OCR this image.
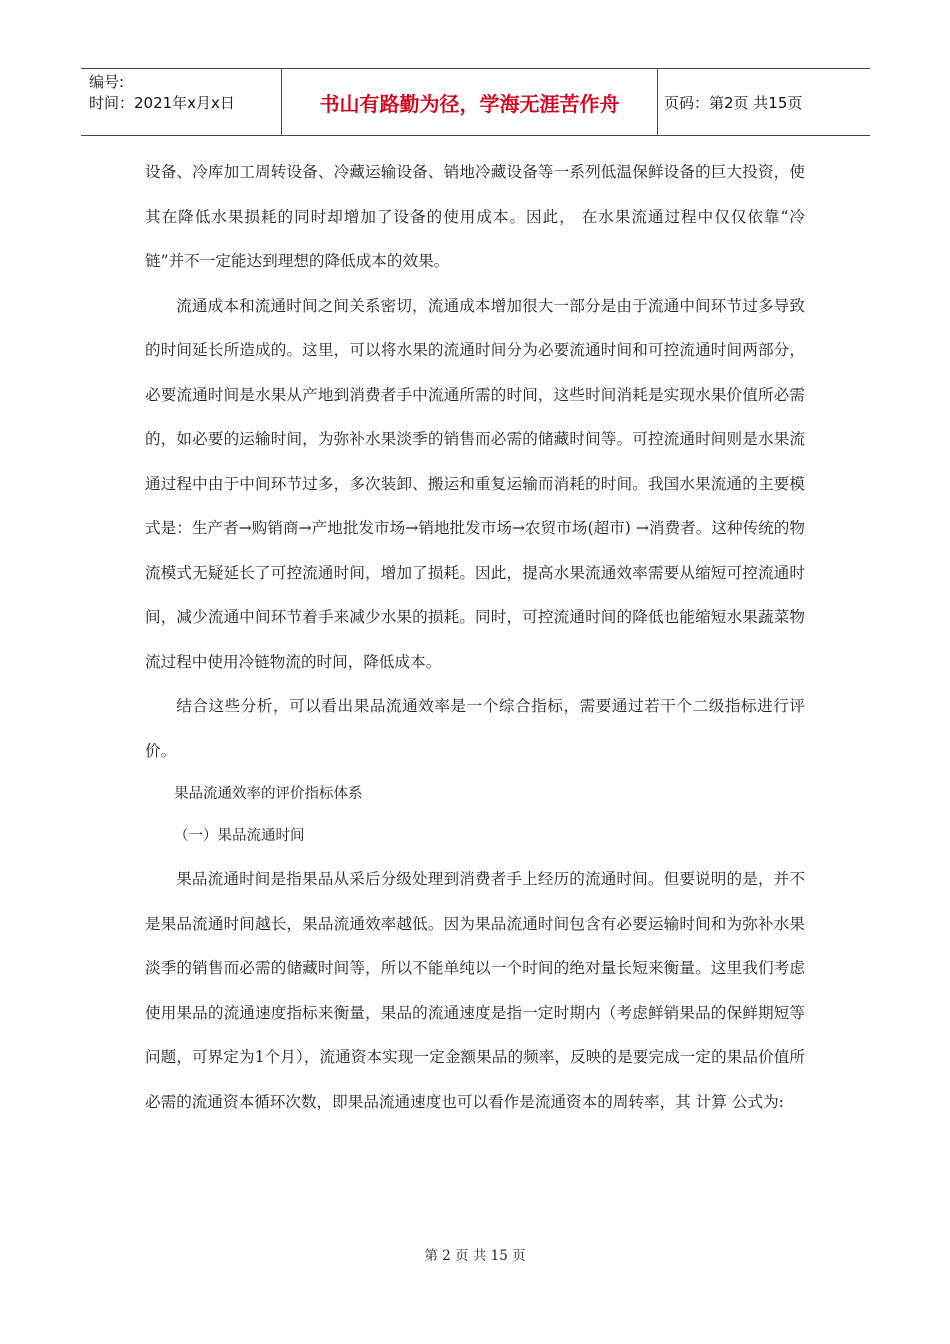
编号:
时间：2021年x月x日	书山有路勤为径，学海无涯苦作舟	页码：第2页 共15页

设备、冷库加工周转设备、冷藏运输设备、销地冷藏设备等一系列低温保鲜设备的巨大投资，使其在降低水果损耗的同时却增加了设备的使用成本。因此， 在水果流通过程中仅仅依靠“冷链”并不一定能达到理想的降低成本的效果。

流通成本和流通时间之间关系密切，流通成本增加很大一部分是由于流通中间环节过多导致的时间延长所造成的。这里，可以将水果的流通时间分为必要流通时间和可控流通时间两部分，必要流通时间是水果从产地到消费者手中流通所需的时间，这些时间消耗是实现水果价值所必需的，如必要的运输时间，为弥补水果淡季的销售而必需的储藏时间等。可控流通时间则是水果流通过程中由于中间环节过多，多次装卸、搬运和重复运输而消耗的时间。我国水果流通的主要模式是：生产者→购销商→产地批发市场→销地批发市场→农贸市场(超市) →消费者。这种传统的物流模式无疑延长了可控流通时间，增加了损耗。因此，提高水果流通效率需要从缩短可控流通时间，减少流通中间环节着手来减少水果的损耗。同时，可控流通时间的降低也能缩短水果蔬菜物流过程中使用冷链物流的时间，降低成本。

结合这些分析，可以看出果品流通效率是一个综合指标，需要通过若干个二级指标进行评价。

果品流通效率的评价指标体系

（一）果品流通时间

果品流通时间是指果品从采后分级处理到消费者手上经历的流通时间。但要说明的是，并不是果品流通时间越长，果品流通效率越低。因为果品流通时间包含有必要运输时间和为弥补水果淡季的销售而必需的储藏时间等，所以不能单纯以一个时间的绝对量长短来衡量。这里我们考虑使用果品的流通速度指标来衡量，果品的流通速度是指一定时期内（考虑鲜销果品的保鲜期短等问题，可界定为1个月），流通资本实现一定金额果品的频率，反映的是要完成一定的果品价值所必需的流通资本循环次数，即果品流通速度也可以看作是流通资本的周转率，其 计算 公式为:

第 2 页 共 15 页
